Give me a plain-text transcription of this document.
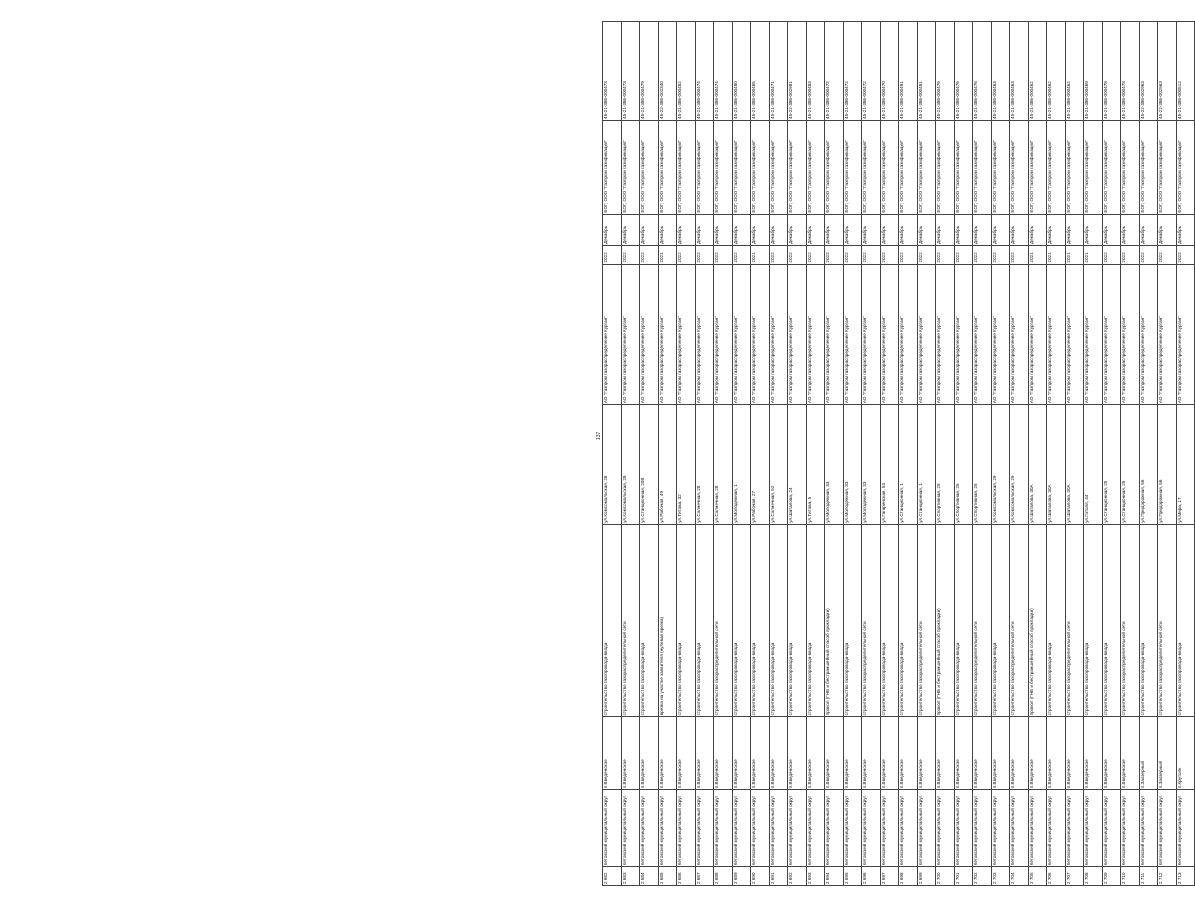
137
2 682	Кетовский муниципальный округ	п.Введенское	строительство газопровода-ввода	ул.Комсомольская, 28	АО "Газпром газораспределение Курган"	2022	Декабрь	ЕОГ, ООО "Газпром газификация"	45-21-386-000473
2 683	Кетовский муниципальный округ	п.Введенское	строительство газораспределительной сети	ул.Комсомольская, 28	АО "Газпром газораспределение Курган"	2022	Декабрь	ЕОГ, ООО "Газпром газификация"	45-21-386-000473
2 684	Кетовский муниципальный округ	п.Введенское	строительство газопровода-ввода	ул.Станционная, 20В	АО "Газпром газораспределение Курган"	2022	Декабрь	ЕОГ, ООО "Газпром газификация"	45-21-386-000479
2 685	Кетовский муниципальный округ	п.Введенское	врезка на участке заявителя (нулевая врезка)	ул.Рабочая, 49	АО "Газпром газораспределение Курган"	2021	Декабрь	ЕОГ, ООО "Газпром газификация"	45-22-386-002340
2 686	Кетовский муниципальный округ	п.Введенское	строительство газопровода-ввода	ул.Титова, 32	АО "Газпром газораспределение Курган"	2022	Декабрь	ЕОГ, ООО "Газпром газификация"	45-21-386-000482
2 687	Кетовский муниципальный округ	п.Введенское	строительство газопровода-ввода	ул.Солнечная, 28	АО "Газпром газораспределение Курган"	2022	Декабрь	ЕОГ, ООО "Газпром газификация"	45-21-386-000474
2 688	Кетовский муниципальный округ	п.Введенское	строительство газораспределительной сети	ул.Солнечная, 28	АО "Газпром газораспределение Курган"	2022	Декабрь	ЕОГ, ООО "Газпром газификация"	45-21-386-000474
2 689	Кетовский муниципальный округ	п.Введенское	строительство газопровода-ввода	ул.Молодежная, 1	АО "Газпром газораспределение Курган"	2022	Декабрь	ЕОГ, ООО "Газпром газификация"	45-21-386-000480
2 690	Кетовский муниципальный округ	п.Введенское	строительство газопровода-ввода	ул.Рабочая, 27	АО "Газпром газораспределение Курган"	2021	Декабрь	ЕОГ, ООО "Газпром газификация"	45-21-386-000465
2 691	Кетовский муниципальный округ	п.Введенское	строительство газопровода-ввода	ул.Солнечная, 52	АО "Газпром газораспределение Курган"	2022	Декабрь	ЕОГ, ООО "Газпром газификация"	45-21-386-000471
2 692	Кетовский муниципальный округ	п.Введенское	строительство газопровода-ввода	ул.Шаталова, 24	АО "Газпром газораспределение Курган"	2022	Декабрь	ЕОГ, ООО "Газпром газификация"	45-22-386-002981
2 693	Кетовский муниципальный округ	п.Введенское	строительство газопровода-ввода	ул.Титова, 5	АО "Газпром газораспределение Курган"	2022	Декабрь	ЕОГ, ООО "Газпром газификация"	45-21-386-000483
2 694	Кетовский муниципальный округ	п.Введенское	прокол (ГНБ и бестраншейный способ прокладки)	ул.Молодежная, 33	АО "Газпром газораспределение Курган"	2022	Декабрь	ЕОГ, ООО "Газпром газификация"	45-21-386-000472
2 695	Кетовский муниципальный округ	п.Введенское	строительство газопровода-ввода	ул.Молодежная, 33	АО "Газпром газораспределение Курган"	2022	Декабрь	ЕОГ, ООО "Газпром газификация"	45-21-386-000472
2 696	Кетовский муниципальный округ	п.Введенское	строительство газораспределительной сети	ул.Молодежная, 33	АО "Газпром газораспределение Курган"	2022	Декабрь	ЕОГ, ООО "Газпром газификация"	45-21-386-000472
2 697	Кетовский муниципальный округ	п.Введенское	строительство газопровода-ввода	ул.Гагаринская, 53	АО "Газпром газораспределение Курган"	2022	Декабрь	ЕОГ, ООО "Газпром газификация"	45-21-386-000470
2 698	Кетовский муниципальный округ	п.Введенское	строительство газопровода-ввода	ул.Станционная, 1	АО "Газпром газораспределение Курган"	2022	Декабрь	ЕОГ, ООО "Газпром газификация"	45-21-386-000481
2 699	Кетовский муниципальный округ	п.Введенское	строительство газораспределительной сети	ул.Станционная, 1	АО "Газпром газораспределение Курган"	2022	Декабрь	ЕОГ, ООО "Газпром газификация"	45-21-386-000481
2 700	Кетовский муниципальный округ	п.Введенское	прокол (ГНБ и бестраншейный способ прокладки)	ул.Спортивная, 25	АО "Газпром газораспределение Курган"	2022	Декабрь	ЕОГ, ООО "Газпром газификация"	45-21-386-000476
2 701	Кетовский муниципальный округ	п.Введенское	строительство газопровода-ввода	ул.Спортивная, 25	АО "Газпром газораспределение Курган"	2022	Декабрь	ЕОГ, ООО "Газпром газификация"	45-21-386-000476
2 702	Кетовский муниципальный округ	п.Введенское	строительство газораспределительной сети	ул.Спортивная, 25	АО "Газпром газораспределение Курган"	2022	Декабрь	ЕОГ, ООО "Газпром газификация"	45-21-386-000476
2 703	Кетовский муниципальный округ	п.Введенское	строительство газопровода-ввода	ул.Комсомольская, 29	АО "Газпром газораспределение Курган"	2022	Декабрь	ЕОГ, ООО "Газпром газификация"	45-21-386-000463
2 704	Кетовский муниципальный округ	п.Введенское	строительство газораспределительной сети	ул.Комсомольская, 29	АО "Газпром газораспределение Курган"	2022	Декабрь	ЕОГ, ООО "Газпром газификация"	45-21-386-000463
2 705	Кетовский муниципальный округ	п.Введенское	прокол (ГНБ и бестраншейный способ прокладки)	ул.Шаталова, 30А	АО "Газпром газораспределение Курган"	2021	Декабрь	ЕОГ, ООО "Газпром газификация"	45-21-386-000462
2 706	Кетовский муниципальный округ	п.Введенское	строительство газопровода-ввода	ул.Шаталова, 30А	АО "Газпром газораспределение Курган"	2021	Декабрь	ЕОГ, ООО "Газпром газификация"	45-21-386-000462
2 707	Кетовский муниципальный округ	п.Введенское	строительство газораспределительной сети	ул.Шаталова, 30А	АО "Газпром газораспределение Курган"	2021	Декабрь	ЕОГ, ООО "Газпром газификация"	45-21-386-000462
2 708	Кетовский муниципальный округ	п.Введенское	строительство газопровода-ввода	ул.Готоля, 44	АО "Газпром газораспределение Курган"	2021	Декабрь	ЕОГ, ООО "Газпром газификация"	45-21-386-000469
2 709	Кетовский муниципальный округ	п.Введенское	строительство газопровода-ввода	ул.Станционная, 25	АО "Газпром газораспределение Курган"	2022	Декабрь	ЕОГ, ООО "Газпром газификация"	45-21-386-000478
2 710	Кетовский муниципальный округ	п.Введенское	строительство газораспределительной сети	ул.Станционная, 25	АО "Газпром газораспределение Курган"	2022	Декабрь	ЕОГ, ООО "Газпром газификация"	45-21-386-000478
2 711	Кетовский муниципальный округ	п.Заозерный	строительство газопровода-ввода	ул.Придорожная, 56	АО "Газпром газораспределение Курган"	2022	Декабрь	ЕОГ, ООО "Газпром газификация"	45-22-386-002963
2 712	Кетовский муниципальный округ	п.Заозерный	строительство газораспределительной сети	ул.Придорожная, 56	АО "Газпром газораспределение Курган"	2022	Декабрь	ЕОГ, ООО "Газпром газификация"	45-22-386-002963
2 713	Кетовский муниципальный округ	п.Крутолк	строительство газопровода-ввода	ул.Мира, 17	АО "Газпром газораспределение Курган"	2022	Декабрь	ЕОГ, ООО "Газпром газификация"	45-21-386-000512
